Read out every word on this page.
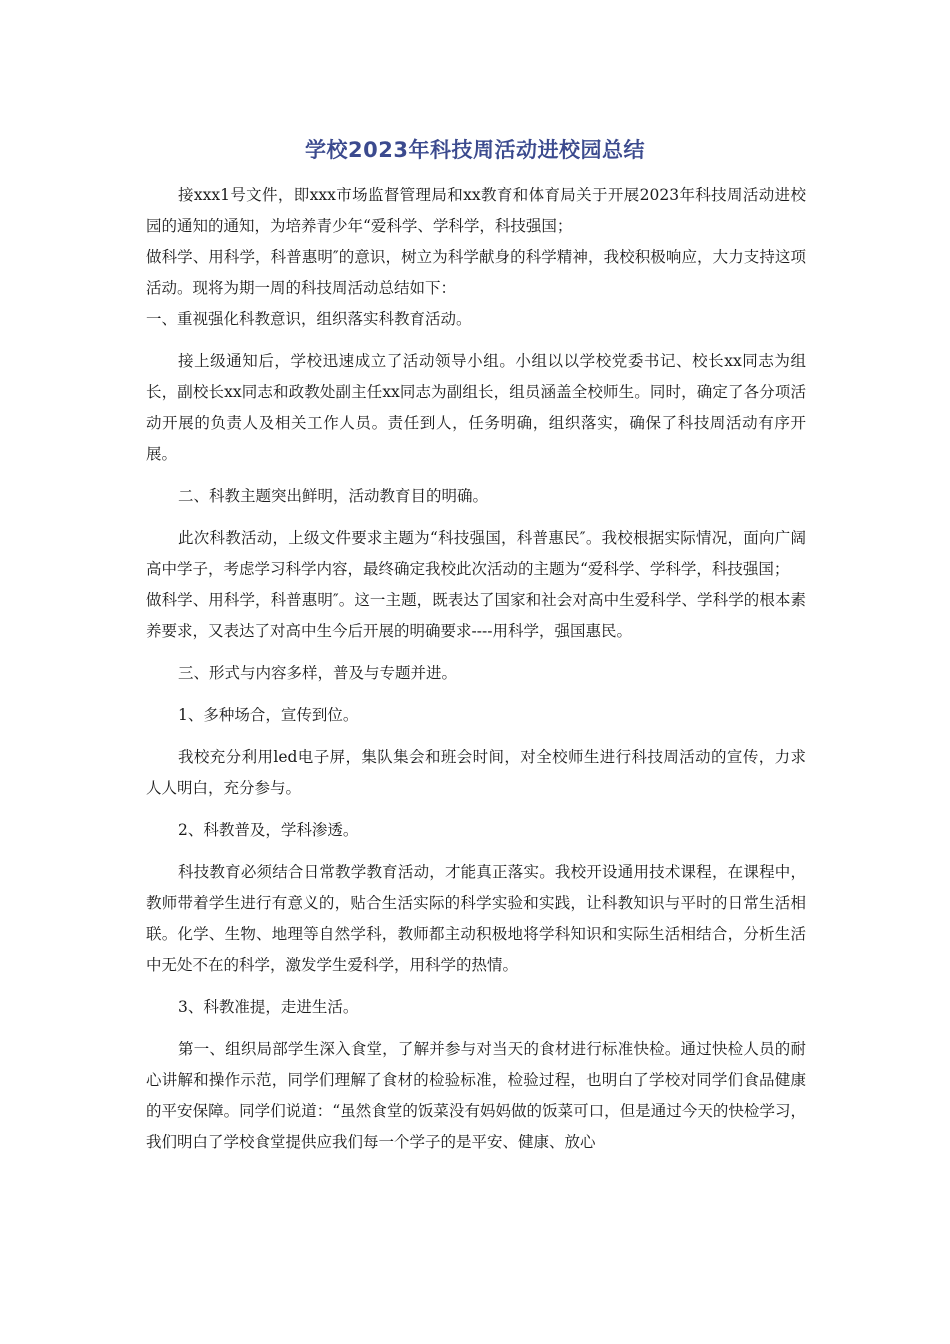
学校2023年科技周活动进校园总结

接xxx1号文件，即xxx市场监督管理局和xx教育和体育局关于开展2023年科技周活动进校园的通知的通知，为培养青少年“爱科学、学科学，科技强国；

做科学、用科学，科普惠明″的意识，树立为科学献身的科学精神，我校积极响应，大力支持这项活动。现将为期一周的科技周活动总结如下：

一、重视强化科教意识，组织落实科教育活动。

接上级通知后，学校迅速成立了活动领导小组。小组以以学校党委书记、校长xx同志为组长，副校长xx同志和政教处副主任xx同志为副组长，组员涵盖全校师生。同时，确定了各分项活动开展的负责人及相关工作人员。责任到人，任务明确，组织落实，确保了科技周活动有序开展。

二、科教主题突出鲜明，活动教育目的明确。

此次科教活动，上级文件要求主题为“科技强国，科普惠民″。我校根据实际情况，面向广阔高中学子，考虑学习科学内容，最终确定我校此次活动的主题为“爱科学、学科学，科技强国；

做科学、用科学，科普惠明″。这一主题，既表达了国家和社会对高中生爱科学、学科学的根本素养要求，又表达了对高中生今后开展的明确要求----用科学，强国惠民。

三、形式与内容多样，普及与专题并进。

1、多种场合，宣传到位。

我校充分利用led电子屏，集队集会和班会时间，对全校师生进行科技周活动的宣传，力求人人明白，充分参与。

2、科教普及，学科渗透。

科技教育必须结合日常教学教育活动，才能真正落实。我校开设通用技术课程，在课程中，教师带着学生进行有意义的，贴合生活实际的科学实验和实践，让科教知识与平时的日常生活相联。化学、生物、地理等自然学科，教师都主动积极地将学科知识和实际生活相结合，分析生活中无处不在的科学，激发学生爱科学，用科学的热情。

3、科教准提，走进生活。

第一、组织局部学生深入食堂，了解并参与对当天的食材进行标准快检。通过快检人员的耐心讲解和操作示范，同学们理解了食材的检验标准，检验过程，也明白了学校对同学们食品健康的平安保障。同学们说道：“虽然食堂的饭菜没有妈妈做的饭菜可口，但是通过今天的快检学习，我们明白了学校食堂提供应我们每一个学子的是平安、健康、放心
